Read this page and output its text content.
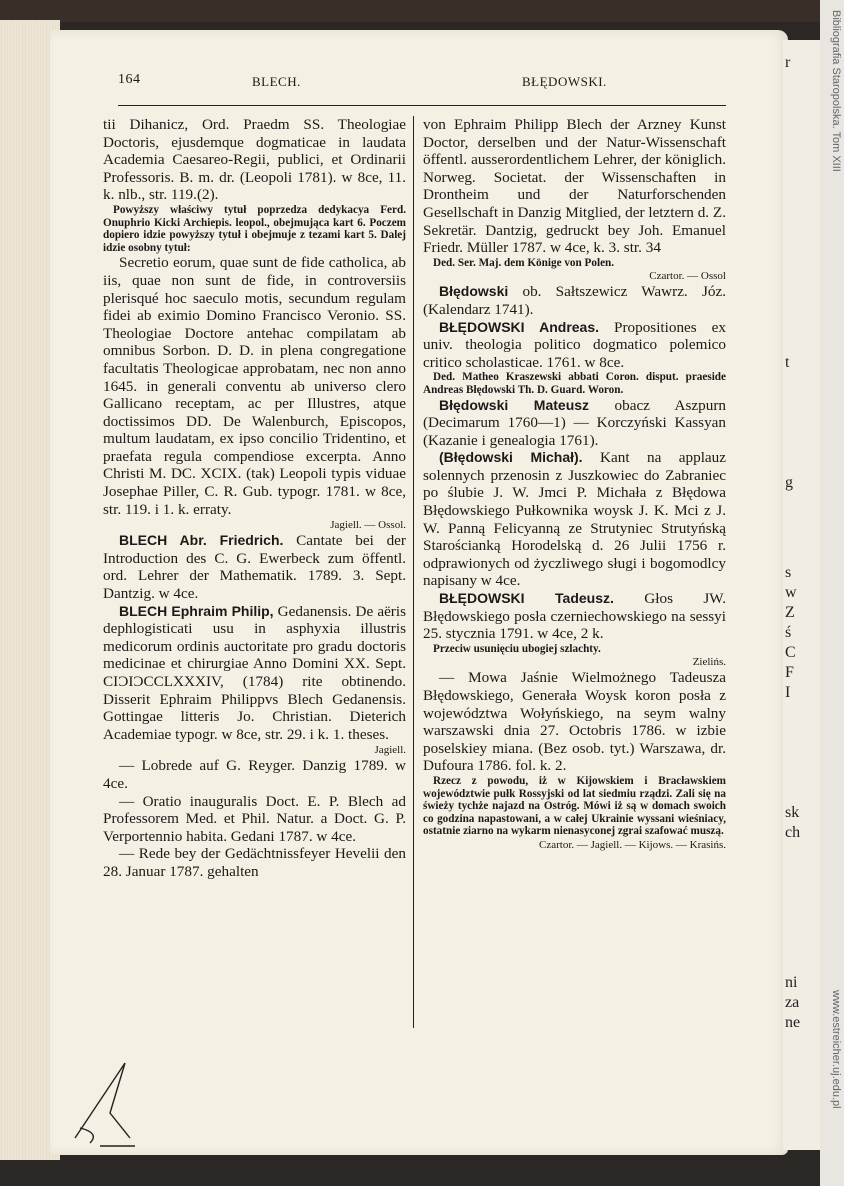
r
t
g
s
w
Z
ś
C
F
I
sk
ch
ni
za
ne
Bibliografia Staropolska. Tom XIII
www.estreicher.uj.edu.pl
164	BLECH.	BŁĘDOWSKI.

tii Dihanicz, Ord. Praedm SS. Theologiae Doctoris, ejusdemque dogmaticae in laudata Academia Caesareo-Regii, publici, et Ordinarii Professoris. B. m. dr. (Leopoli 1781). w 8ce, 11. k. nlb., str. 119.(2).

Powyższy właściwy tytuł poprzedza dedykacya Ferd. Onuphrio Kicki Archiepis. leopol., obejmująca kart 6. Poczem dopiero idzie powyższy tytuł i obejmuje z tezami kart 5. Dalej idzie osobny tytuł:

Secretio eorum, quae sunt de fide catholica, ab iis, quae non sunt de fide, in controversiis plerisqué hoc saeculo motis, secundum regulam fidei ab eximio Domino Francisco Veronio. SS. Theologiae Doctore antehac compilatam ab omnibus Sorbon. D. D. in plena congregatione facultatis Theologicae approbatam, nec non anno 1645. in generali conventu ab universo clero Gallicano receptam, ac per Illustres, atque doctissimos DD. De Walenburch, Episcopos, multum laudatam, ex ipso concilio Tridentino, et praefata regula compendiose excerpta. Anno Christi M. DC. XCIX. (tak) Leopoli typis viduae Josephae Piller, C. R. Gub. typogr. 1781. w 8ce, str. 119. i 1. k. erraty.

Jagiell. — Ossol.

BLECH Abr. Friedrich. Cantate bei der Introduction des C. G. Ewerbeck zum öffentl. ord. Lehrer der Mathematik. 1789. 3. Sept. Dantzig. w 4ce.

BLECH Ephraim Philip, Gedanensis. De aëris dephlogisticati usu in asphyxia illustris medicorum ordinis auctoritate pro gradu doctoris medicinae et chirurgiae Anno Domini XX. Sept. CIƆIƆCCLXXXIV, (1784) rite obtinendo. Disserit Ephraim Philippvs Blech Gedanensis. Gottingae litteris Jo. Christian. Dieterich Academiae typogr. w 8ce, str. 29. i k. 1. theses.

Jagiell.

— Lobrede auf G. Reyger. Danzig 1789. w 4ce.

— Oratio inauguralis Doct. E. P. Blech ad Professorem Med. et Phil. Natur. a Doct. G. P. Verportennio habita. Gedani 1787. w 4ce.

— Rede bey der Gedächtnissfeyer Hevelii den 28. Januar 1787. gehalten

von Ephraim Philipp Blech der Arzney Kunst Doctor, derselben und der Natur-Wissenschaft öffentl. ausserordentlichem Lehrer, der königlich. Norweg. Societat. der Wissenschaften in Drontheim und der Naturforschenden Gesellschaft in Danzig Mitglied, der letztern d. Z. Sekretär. Dantzig, gedruckt bey Joh. Emanuel Friedr. Müller 1787. w 4ce, k. 3. str. 34

Ded. Ser. Maj. dem Könige von Polen.

Czartor. — Ossol

Błędowski ob. Sałtszewicz Wawrz. Józ. (Kalendarz 1741).

BŁĘDOWSKI Andreas. Propositiones ex univ. theologia politico dogmatico polemico critico scholasticae. 1761. w 8ce.

Ded. Matheo Kraszewski abbati Coron. disput. praeside Andreas Błędowski Th. D. Guard. Woron.

Błędowski Mateusz obacz Aszpurn (Decimarum 1760—1) — Korczyński Kassyan (Kazanie i genealogia 1761).

(Błędowski Michał). Kant na applauz solennych przenosin z Juszkowiec do Zabraniec po ślubie J. W. Jmci P. Michała z Błędowa Błędowskiego Pułkownika woysk J. K. Mci z J. W. Panną Felicyanną ze Strutyniec Strutyńską Starościanką Horodelską d. 26 Julii 1756 r. odprawionych od życzliwego sługi i bogomodlcy napisany w 4ce.

BŁĘDOWSKI Tadeusz. Głos JW. Błędowskiego posła czerniechowskiego na sessyi 25. stycznia 1791. w 4ce, 2 k.

Przeciw usunięciu ubogiej szlachty.

Zielińs.

— Mowa Jaśnie Wielmożnego Tadeusza Błędowskiego, Generała Woysk koron posła z województwa Wołyńskiego, na seym walny warszawski dnia 27. Octobris 1786. w izbie poselskiey miana. (Bez osob. tyt.) Warszawa, dr. Dufoura 1786. fol. k. 2.

Rzecz z powodu, iż w Kijowskiem i Bracławskiem województwie pułk Rossyjski od lat siedmiu rządzi. Zali się na świeży tychże najazd na Ostróg. Mówi iż są w domach swoich co godzina napastowani, a w całej Ukrainie wyssani wieśniacy, ostatnie ziarno na wykarm nienasyconej zgrai szafować muszą.

Czartor. — Jagiell. — Kijows. — Krasińs.
